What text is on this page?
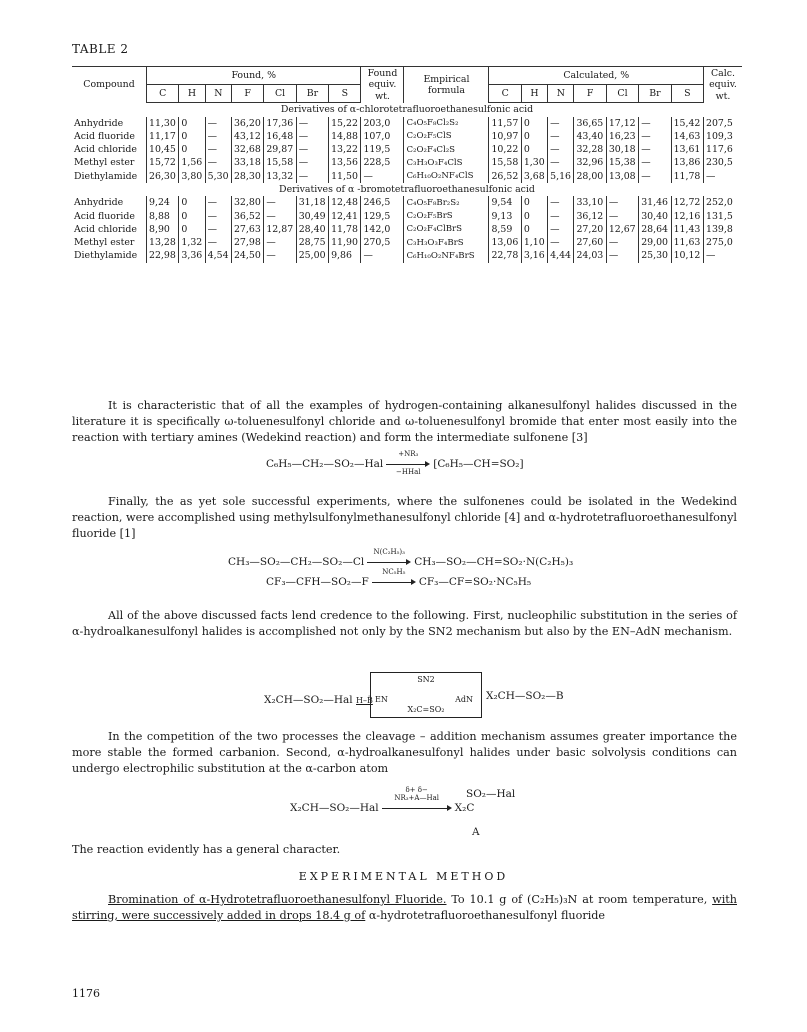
TABLE 2
Compound	Found, %							Found equiv. wt.	Empirical formula	Calculated, %							Calc. equiv. wt.
	C	H	N	F	Cl	Br	S			C	H	N	F	Cl	Br	S	
Derivatives of α-chlorotetrafluoroethanesulfonic acid																	
Anhydride	11,30	0	—	36,20	17,36	—	15,22	203,0	C₄O₅F₈Cl₂S₂	11,57	0	—	36,65	17,12	—	15,42	207,5
Acid fluoride	11,17	0	—	43,12	16,48	—	14,88	107,0	C₂O₂F₅ClS	10,97	0	—	43,40	16,23	—	14,63	109,3
Acid chloride	10,45	0	—	32,68	29,87	—	13,22	119,5	C₂O₂F₄Cl₂S	10,22	0	—	32,28	30,18	—	13,61	117,6
Methyl ester	15,72	1,56	—	33,18	15,58	—	13,56	228,5	C₃H₃O₃F₄ClS	15,58	1,30	—	32,96	15,38	—	13,86	230,5
Diethylamide	26,30	3,80	5,30	28,30	13,32	—	11,50	—	C₆H₁₀O₂NF₄ClS	26,52	3,68	5,16	28,00	13,08	—	11,78	—
Derivatives of α -bromotetrafluoroethanesulfonic acid																	
Anhydride	9,24	0	—	32,80	—	31,18	12,48	246,5	C₄O₅F₈Br₂S₂	9,54	0	—	33,10	—	31,46	12,72	252,0
Acid fluoride	8,88	0	—	36,52	—	30,49	12,41	129,5	C₂O₂F₅BrS	9,13	0	—	36,12	—	30,40	12,16	131,5
Acid chloride	8,90	0	—	27,63	12,87	28,40	11,78	142,0	C₂O₂F₄ClBrS	8,59	0	—	27,20	12,67	28,64	11,43	139,8
Methyl ester	13,28	1,32	—	27,98	—	28,75	11,90	270,5	C₃H₃O₃F₄BrS	13,06	1,10	—	27,60	—	29,00	11,63	275,0
Diethylamide	22,98	3,36	4,54	24,50	—	25,00	9,86	—	C₆H₁₀O₂NF₄BrS	22,78	3,16	4,44	24,03	—	25,30	10,12	—

It is characteristic that of all the examples of hydrogen-containing alkanesulfonyl halides discussed in the literature it is specifically ω-toluenesulfonyl chloride and ω-toluenesulfonyl bromide that enter most easily into the reaction with tertiary amines (Wedekind reaction) and form the intermediate sulfonene [3]

C₆H₅—CH₂—SO₂—Hal
+NR₃
−HHal
[C₆H₅—CH=SO₂]

Finally, the as yet sole successful experiments, where the sulfonenes could be isolated in the Wedekind reaction, were accomplished using methylsulfonylmethanesulfonyl chloride [4] and α-hydrotetrafluoroethanesulfonyl fluoride [1]

CH₃—SO₂—CH₂—SO₂—Cl
N(C₂H₅)₃
CH₃—SO₂—CH=SO₂·N(C₂H₅)₃
CF₃—CFH—SO₂—F
NC₅H₅
CF₃—CF=SO₂·NC₅H₅

All of the above discussed facts lend credence to the following. First, nucleophilic substitution in the series of α-hydroalkanesulfonyl halides is accomplished not only by the SN2 mechanism but also by the EN–AdN mechanism.

X₂CH—SO₂—Hal H–B̈
SN2
EN	AdN
X₂C=SO₂
X₂CH—SO₂—B

In the competition of the two processes the cleavage – addition mechanism assumes greater importance the more stable the formed carbanion. Second, α-hydroalkanesulfonyl halides under basic solvolysis conditions can undergo electrophilic substitution at the α-carbon atom

X₂CH—SO₂—Hal
δ+ δ−
NR₃+A—Hal
X₂C
SO₂—Hal
A

The reaction evidently has a general character.

EXPERIMENTAL METHOD

Bromination of α-Hydrotetrafluoroethanesulfonyl Fluoride. To 10.1 g of (C₂H₅)₃N at room temperature, with stirring, were successively added in drops 18.4 g of α-hydrotetrafluoroethanesulfonyl fluoride

1176
